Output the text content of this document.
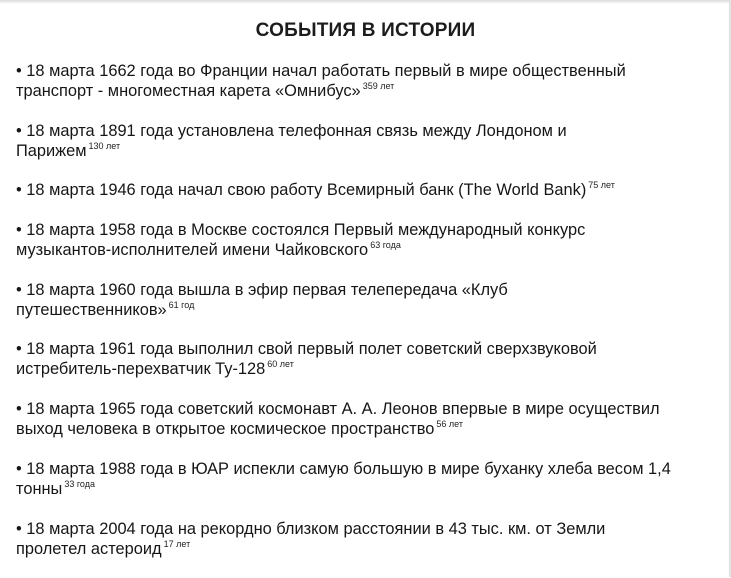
СОБЫТИЯ В ИСТОРИИ
• 18 марта 1662 года во Франции начал работать первый в мире общественный
транспорт - многоместная карета «Омнибус» $^{359 лет}$
• 18 марта 1891 года установлена телефонная связь между Лондоном и
Парижем $^{130 лет}$
• 18 марта 1946 года начал свою работу Всемирный банк (The World Bank) $^{75 лет}$
• 18 марта 1958 года в Москве состоялся Первый международный конкурс
музыкантов-исполнителей имени Чайковского $^{63 года}$
• 18 марта 1960 года вышла в эфир первая телепередача «Клуб
путешественников» $^{61 год}$
• 18 марта 1961 года выполнил свой первый полет советский сверхзвуковой
истребитель-перехватчик Ту-128 $^{60 лет}$
• 18 марта 1965 года советский космонавт А. А. Леонов впервые в мире осуществил
выход человека в открытое космическое пространство $^{56 лет}$
• 18 марта 1988 года в ЮАР испекли самую большую в мире буханку хлеба весом 1,4
тонны $^{33 года}$
• 18 марта 2004 года на рекордно близком расстоянии в 43 тыс. км. от Земли
пролетел астероид $^{17 лет}$
